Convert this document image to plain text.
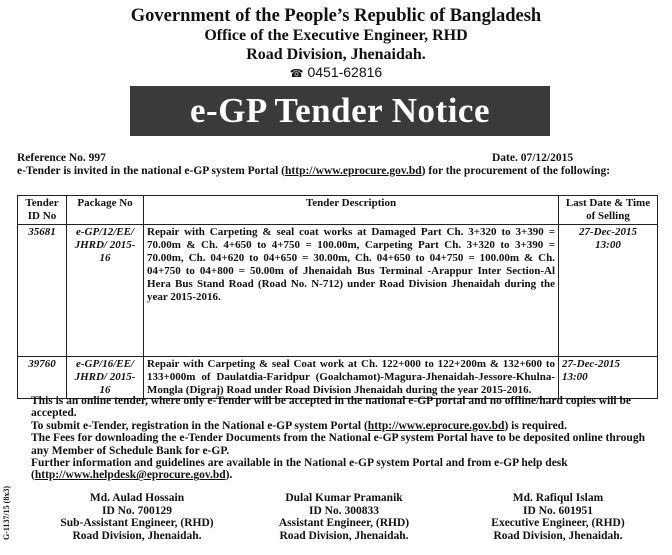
Government of the People’s Republic of Bangladesh
Office of the Executive Engineer, RHD
Road Division, Jhenaidah.
☎ 0451-62816
e-GP Tender Notice
Reference No. 997	Date. 07/12/2015
e-Tender is invited in the national e-GP system Portal (http://www.eprocure.gov.bd) for the procurement of the following:
Tender ID No	Package No	Tender Description	Last Date & Time of Selling
35681	e-GP/12/EE/ JHRD/ 2015-16	Repair with Carpeting & seal coat works at Damaged Part Ch. 3+320 to 3+390 = 70.00m & Ch. 4+650 to 4+750 = 100.00m, Carpeting Part Ch. 3+320 to 3+390 = 70.00m, Ch. 04+620 to 04+650 = 30.00m, Ch. 04+650 to 04+750 = 100.00m & Ch. 04+750 to 04+800 = 50.00m of Jhenaidah Bus Terminal -Arappur Inter Section-Al Hera Bus Stand Road (Road No. N-712) under Road Division Jhenaidah during the year 2015-2016.	27-Dec-2015
13:00

39760	e-GP/16/EE/ JHRD/ 2015-16	Repair with Carpeting & seal Coat work at Ch. 122+000 to 122+200m & 132+600 to 133+000m of Daulatdia-Faridpur (Goalchamot)-Magura-Jhenaidah-Jessore-Khulna-Mongla (Digraj) Road under Road Division Jhenaidah during the year 2015-2016.	27-Dec-2015
13:00

This is an online tender, where only e-Tender will be accepted in the national e-GP portal and no offline/hard copies will be accepted.

To submit e-Tender, registration in the National e-GP system Portal (http://www.eprocure.gov.bd) is required.

The Fees for downloading the e-Tender Documents from the National e-GP system Portal have to be deposited online through any Member of Schedule Bank for e-GP.

Further information and guidelines are available in the National e-GP system Portal and from e-GP help desk (http://www.helpdesk@eprocure.gov.bd).

Md. Aulad Hossain
ID No. 700129
Sub-Assistant Engineer, (RHD)
Road Division, Jhenaidah.
Dulal Kumar Pramanik
ID No. 300833
Assistant Engineer, (RHD)
Road Division, Jhenaidah.
Md. Rafiqul Islam
ID No. 601951
Executive Engineer, (RHD)
Road Division, Jhenaidah.
G-1137/15 (8x3)
